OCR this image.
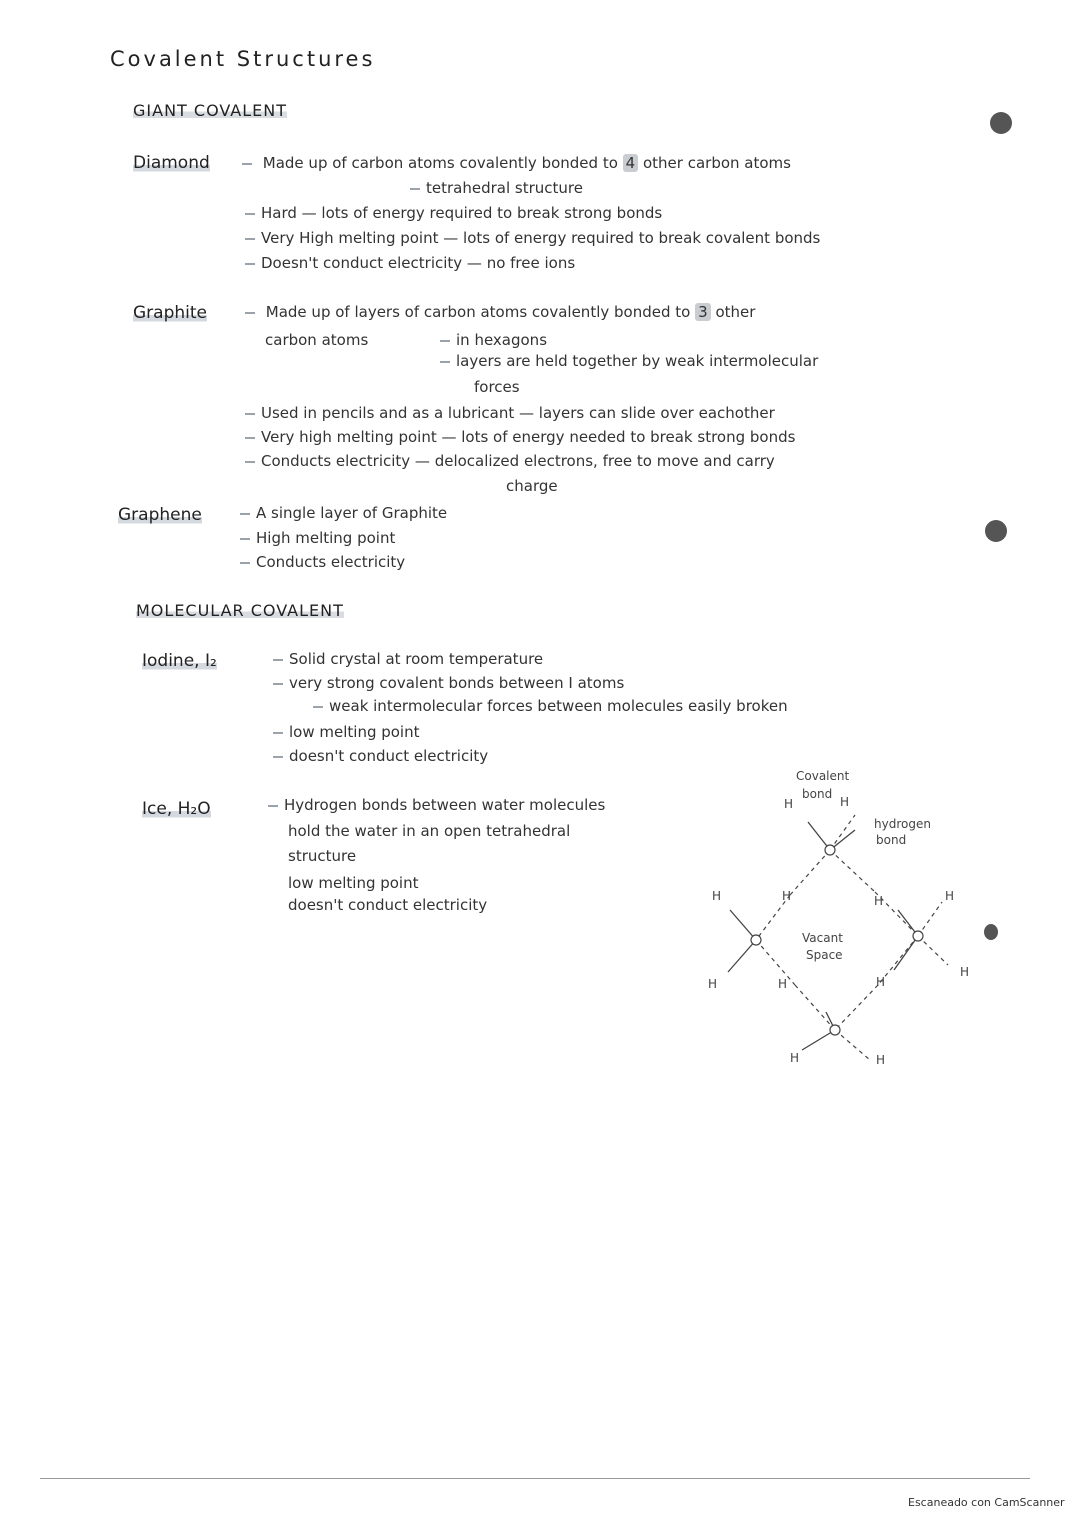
Covalent Structures
GIANT COVALENT
Diamond	Made up of carbon atoms covalently bonded to 4 other carbon atoms
tetrahedral structure
Hard — lots of energy required to break strong bonds
Very High melting point — lots of energy required to break covalent bonds
Doesn't conduct electricity — no free ions
Graphite	Made up of layers of carbon atoms covalently bonded to 3 other
carbon atoms	in hexagons
layers are held together by weak intermolecular
forces
Used in pencils and as a lubricant — layers can slide over eachother
Very high melting point — lots of energy needed to break strong bonds
Conducts electricity — delocalized electrons, free to move and carry
charge
Graphene	A single layer of Graphite
High melting point
Conducts electricity
MOLECULAR COVALENT
Iodine, I₂	Solid crystal at room temperature
very strong covalent bonds between I atoms
weak intermolecular forces between molecules easily broken
low melting point
doesn't conduct electricity
Ice, H₂O	Hydrogen bonds between water molecules
hold the water in an open tetrahedral
structure
low melting point
doesn't conduct electricity
Covalent
bond
hydrogen
bond
Vacant
Space
H	H
H	H	H	H
H	H	H
H
H	H
Escaneado con CamScanner
